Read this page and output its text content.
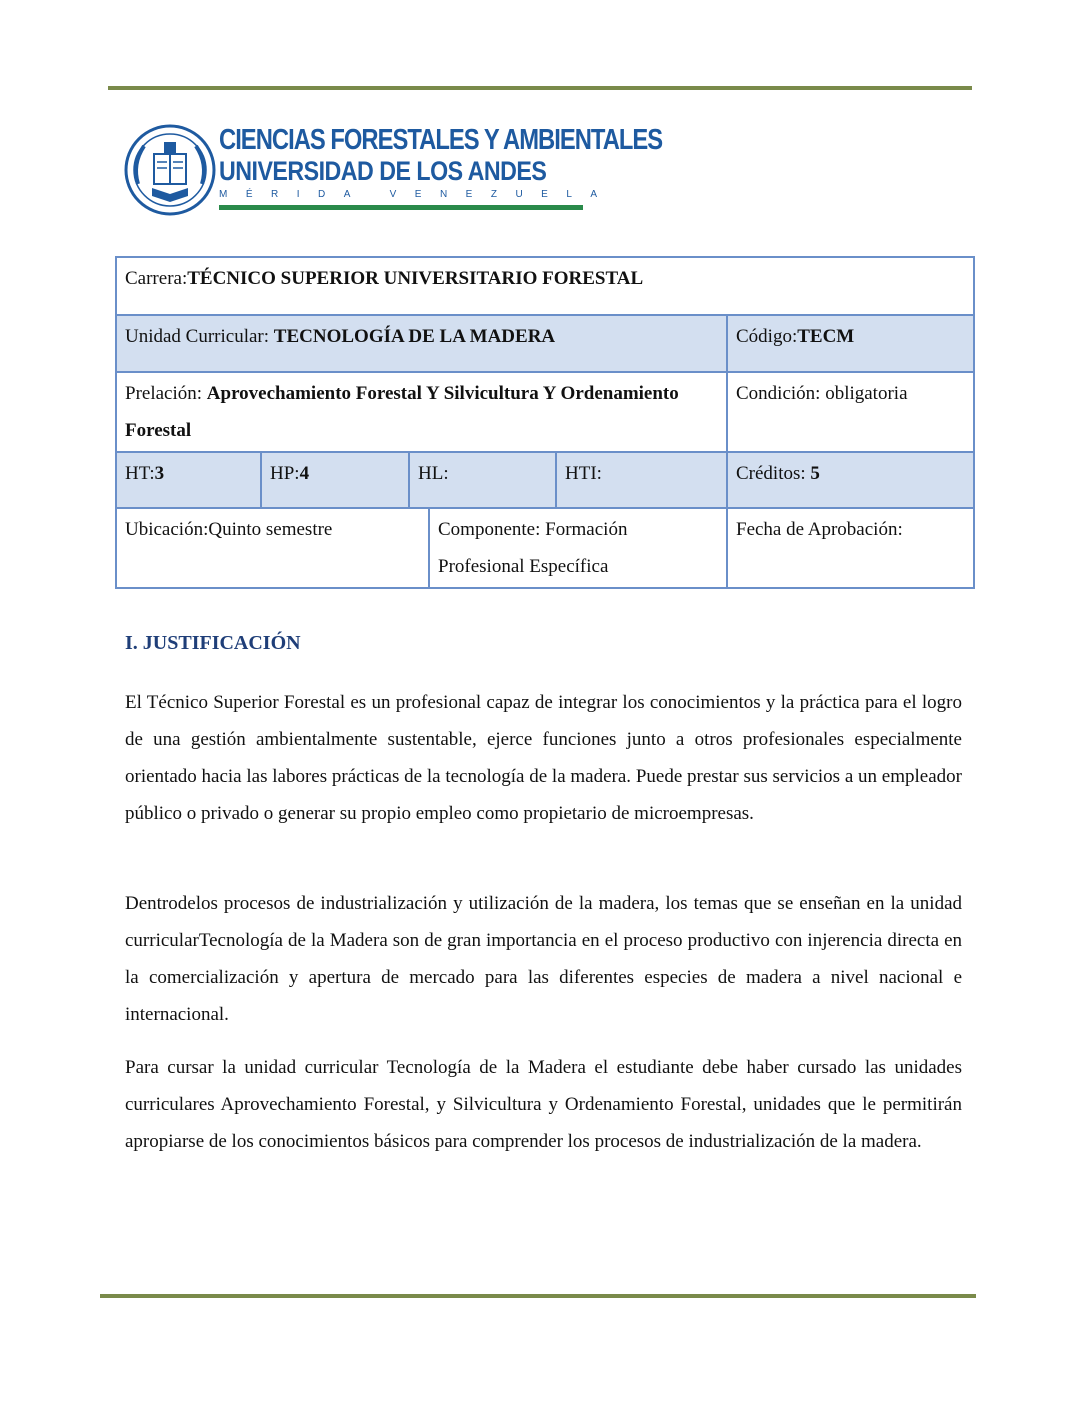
CIENCIAS FORESTALES Y AMBIENTALES
UNIVERSIDAD DE LOS ANDES
MÉRIDA VENEZUELA
Carrera:TÉCNICO SUPERIOR UNIVERSITARIO FORESTAL					
Unidad Curricular: TECNOLOGÍA DE LA MADERA					Código:TECM
Prelación: Aprovechamiento Forestal Y Silvicultura Y Ordenamiento Forestal					Condición: obligatoria
HT:3	HP:4	HL:		HTI:	Créditos: 5
Ubicación:Quinto semestre			Componente: Formación Profesional Específica		Fecha de Aprobación:
I. JUSTIFICACIÓN

El Técnico Superior Forestal es un profesional capaz de integrar los conocimientos y la práctica para el logro de una gestión ambientalmente sustentable, ejerce funciones junto a otros profesionales especialmente orientado hacia las labores prácticas de la tecnología de la madera. Puede prestar sus servicios a un empleador público o privado o generar su propio empleo como propietario de microempresas.

Dentrodelos procesos de industrialización y utilización de la madera, los temas que se enseñan en la unidad curricularTecnología de la Madera son de gran importancia en el proceso productivo con injerencia directa en la comercialización y apertura de mercado para las diferentes especies de madera a nivel nacional e internacional.

Para cursar la unidad curricular Tecnología de la Madera el estudiante debe haber cursado las unidades curriculares Aprovechamiento Forestal, y Silvicultura y Ordenamiento Forestal, unidades que le permitirán apropiarse de los conocimientos básicos para comprender los procesos de industrialización de la madera.
